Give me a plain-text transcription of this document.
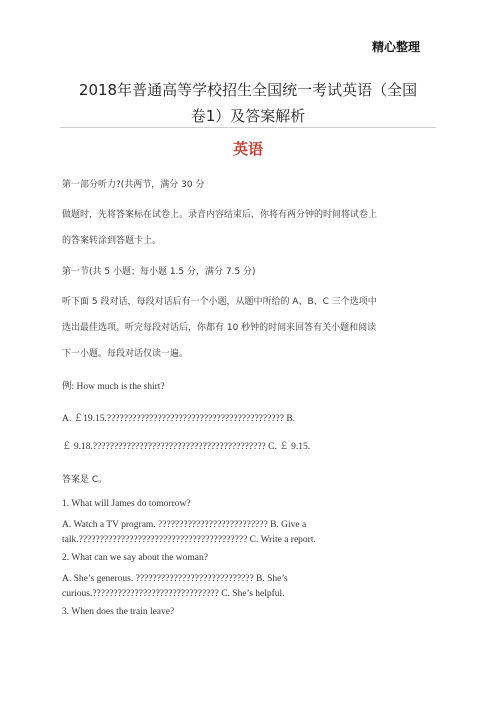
精心整理
2018年普通高等学校招生全国统一考试英语（全国
卷1）及答案解析
英语
第一部分听力?(共两节，满分 30 分
做题时，先将答案标在试卷上。录音内容结束后，你将有两分钟的时间将试卷上
的答案转涂到答题卡上。
第一节(共 5 小题；每小题 1.5 分，满分 7.5 分)
听下面 5 段对话，每段对话后有一个小题，从题中所给的 A、B、C 三个选项中
选出最佳选项。听完每段对话后，你都有 10 秒钟的时间来回答有关小题和阅读
下一小题。每段对话仅读一遍。
例: How much is the shirt?
A. ￡19.15.?????????????????????????????????????????? B.
￡ 9.18.????????????????????????????????????????? C. ￡ 9.15.
答案是 C。
1. What will James do tomorrow?
A. Watch a TV program. ?????????????????????????? B. Give a
talk.???????????????????????????????????????? C. Write a report.
2. What can we say about the woman?
A. She’s generous. ???????????????????????????? B. She’s
curious.?????????????????????????????? C. She’s helpful.
3. When does the train leave?
